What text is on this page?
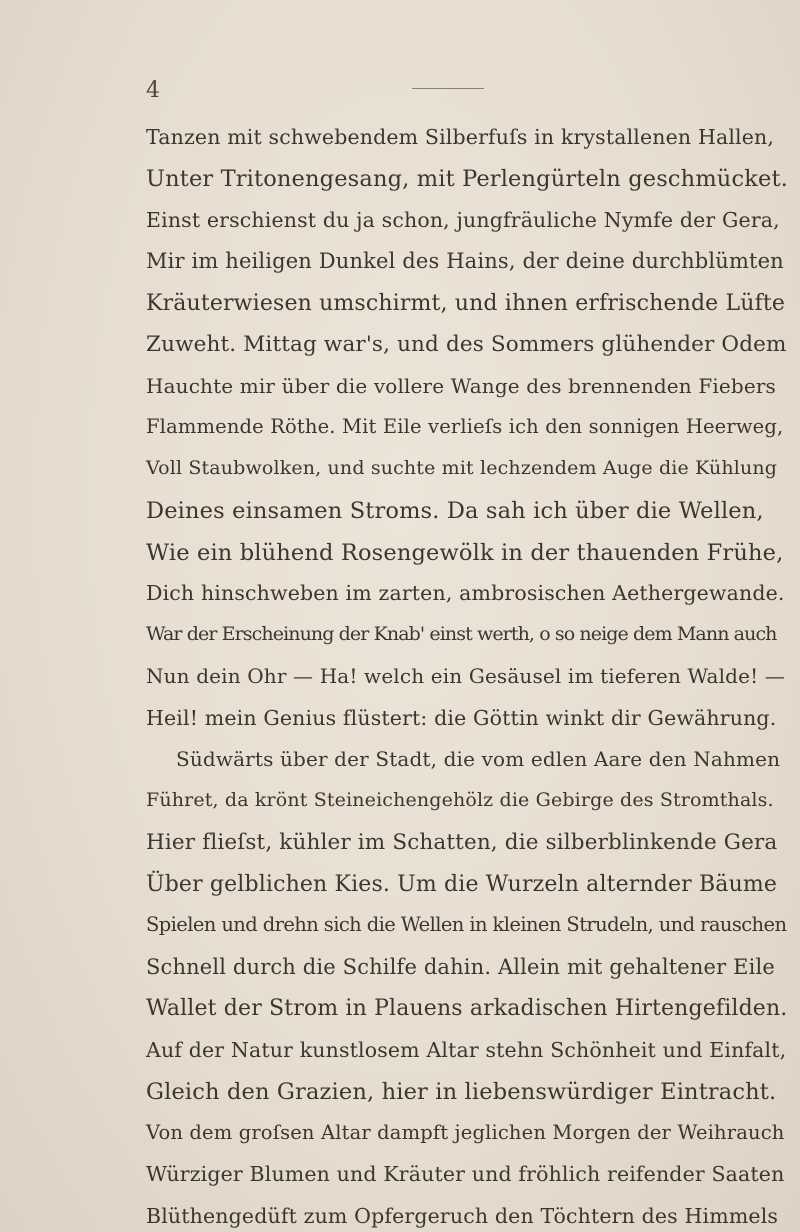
4
Tanzen mit schwebendem Silberfuſs in krystallenen Hallen,
Unter Tritonengesang, mit Perlengürteln geschmücket.
Einst erschienst du ja schon, jungfräuliche Nymfe der Gera,
Mir im heiligen Dunkel des Hains, der deine durchblümten
Kräuterwiesen umschirmt, und ihnen erfrischende Lüfte
Zuweht. Mittag war's, und des Sommers glühender Odem
Hauchte mir über die vollere Wange des brennenden Fiebers
Flammende Röthe. Mit Eile verlieſs ich den sonnigen Heerweg,
Voll Staubwolken, und suchte mit lechzendem Auge die Kühlung
Deines einsamen Stroms. Da sah ich über die Wellen,
Wie ein blühend Rosengewölk in der thauenden Frühe,
Dich hinschweben im zarten, ambrosischen Aethergewande.
War der Erscheinung der Knab' einst werth, o so neige dem Mann auch
Nun dein Ohr — Ha! welch ein Gesäusel im tieferen Walde! —
Heil! mein Genius flüstert: die Göttin winkt dir Gewährung.
Südwärts über der Stadt, die vom edlen Aare den Nahmen
Führet, da krönt Steineichengehölz die Gebirge des Stromthals.
Hier flieſst, kühler im Schatten, die silberblinkende Gera
Über gelblichen Kies. Um die Wurzeln alternder Bäume
Spielen und drehn sich die Wellen in kleinen Strudeln, und rauschen
Schnell durch die Schilfe dahin. Allein mit gehaltener Eile
Wallet der Strom in Plauens arkadischen Hirtengefilden.
Auf der Natur kunstlosem Altar stehn Schönheit und Einfalt,
Gleich den Grazien, hier in liebenswürdiger Eintracht.
Von dem groſsen Altar dampft jeglichen Morgen der Weihrauch
Würziger Blumen und Kräuter und fröhlich reifender Saaten
Blüthengedüft zum Opfergeruch den Töchtern des Himmels
